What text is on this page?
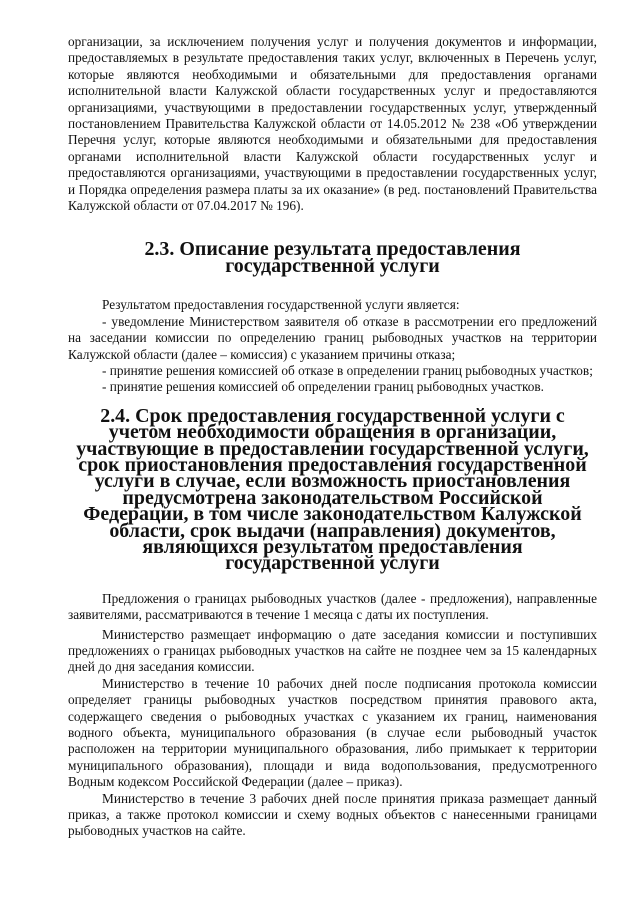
организации, за исключением получения услуг и получения документов и информации, предоставляемых в результате предоставления таких услуг, включенных в Перечень услуг, которые являются необходимыми и обязательными для предоставления органами исполнительной власти Калужской области государственных услуг и предоставляются организациями, участвующими в предоставлении государственных услуг, утвержденный постановлением Правительства Калужской области от 14.05.2012 № 238 «Об утверждении Перечня услуг, которые являются необходимыми и обязательными для предоставления органами исполнительной власти Калужской области государственных услуг и предоставляются организациями, участвующими в предоставлении государственных услуг, и Порядка определения размера платы за их оказание» (в ред. постановлений Правительства Калужской области от 07.04.2017 № 196).

2.3. Описание результата предоставления государственной услуги

Результатом предоставления государственной услуги является:

- уведомление Министерством заявителя об отказе в рассмотрении его предложений на заседании комиссии по определению границ рыбоводных участков на территории Калужской области (далее – комиссия) с указанием причины отказа;

- принятие решения комиссией об отказе в определении границ рыбоводных участков;

- принятие решения комиссией об определении границ рыбоводных участков.

2.4. Срок предоставления государственной услуги с учетом необходимости обращения в организации, участвующие в предоставлении государственной услуги, срок приостановления предоставления государственной услуги в случае, если возможность приостановления предусмотрена законодательством Российской Федерации, в том числе законодательством Калужской области, срок выдачи (направления) документов, являющихся результатом предоставления государственной услуги

Предложения о границах рыбоводных участков (далее - предложения), направленные заявителями, рассматриваются в течение 1 месяца с даты их поступления.

Министерство размещает информацию о дате заседания комиссии и поступивших предложениях о границах рыбоводных участков на сайте не позднее чем за 15 календарных дней до дня заседания комиссии.

Министерство в течение 10 рабочих дней после подписания протокола комиссии определяет границы рыбоводных участков посредством принятия правового акта, содержащего сведения о рыбоводных участках с указанием их границ, наименования водного объекта, муниципального образования (в случае если рыбоводный участок расположен на территории муниципального образования, либо примыкает к территории муниципального образования), площади и вида водопользования, предусмотренного Водным кодексом Российской Федерации (далее – приказ).

Министерство в течение 3 рабочих дней после принятия приказа размещает данный приказ, а также протокол комиссии и схему водных объектов с нанесенными границами рыбоводных участков на сайте.
